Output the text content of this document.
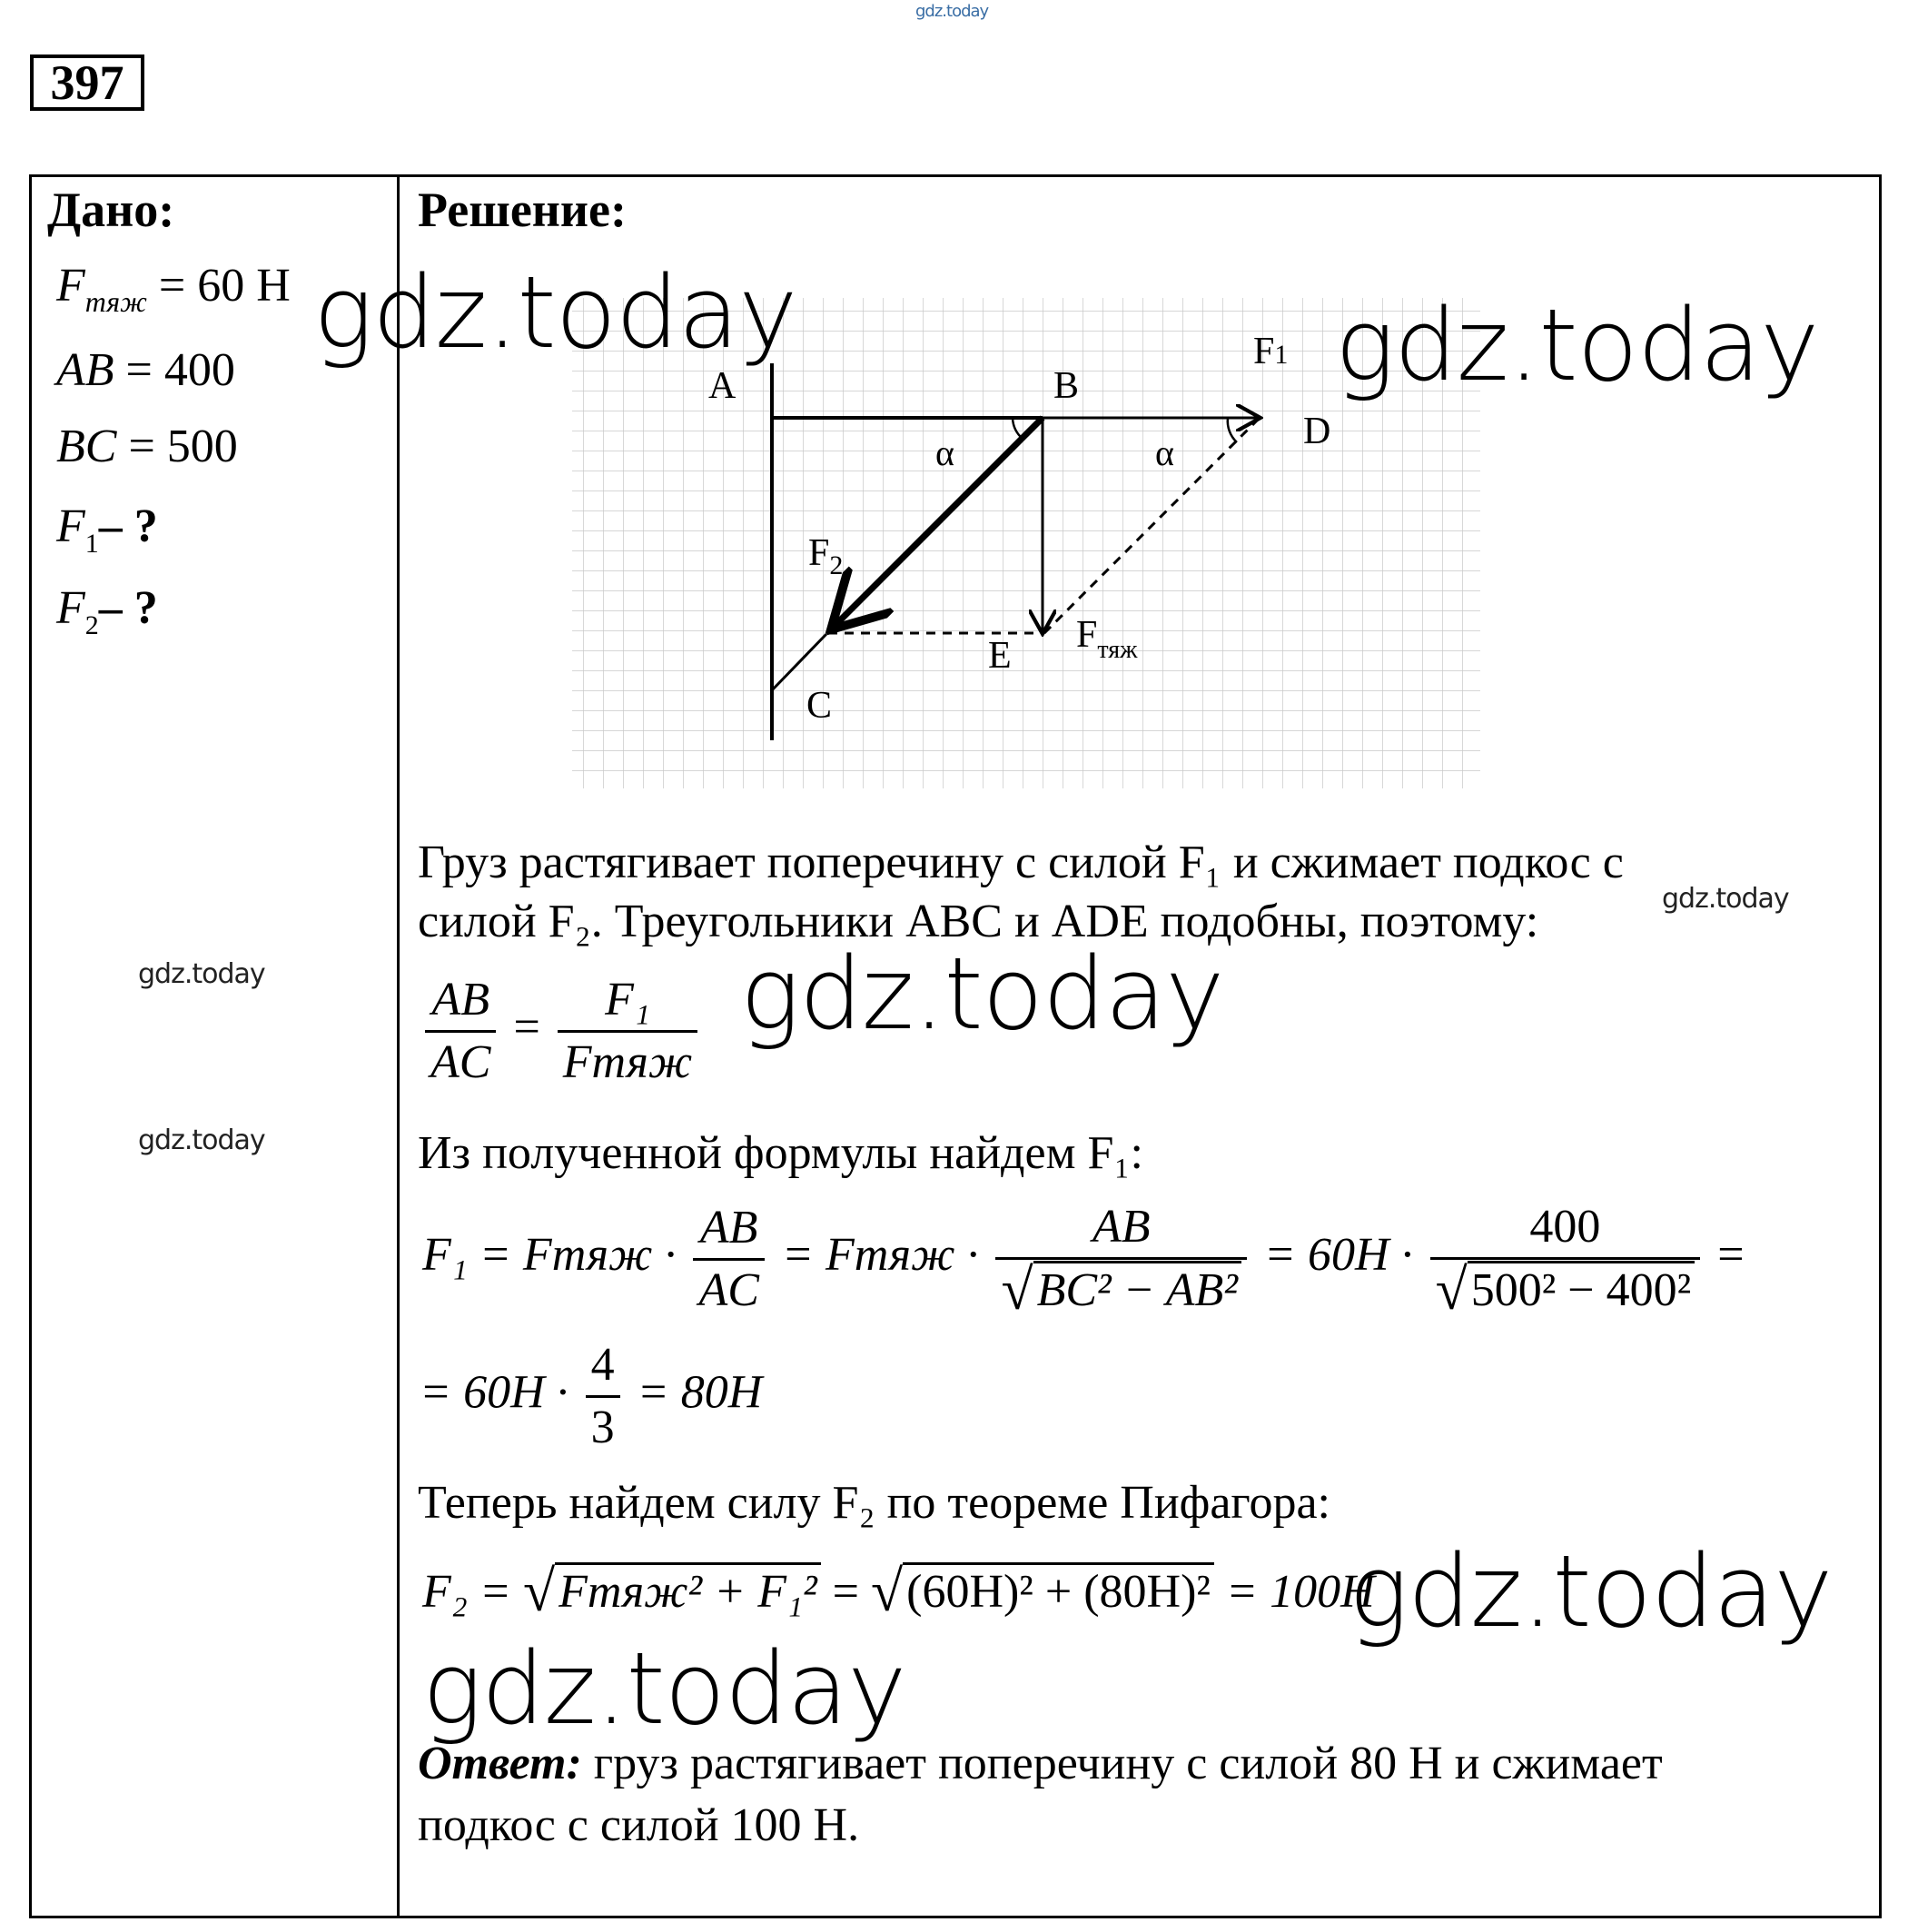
gdz.today
397
Дано:
$F_{тяж} = 60$ Н
AB = 400
BC = 500
$F_1-$ ?
$F_2-$ ?
Решение:
A	B
C
D
E
α	α
F1
$F_2$
$F_{тяж}$
Груз растягивает поперечину с силой F₁ и сжимает подкос с
силой F₂. Треугольники ABC и ADE подобны, поэтому:
$\frac{AB}{AC} = \frac{\text{F₁}}{\text{Fтяж}}$
Из полученной формулы найдем F₁:
F₁ = Fтяж · $\frac{AB}{AC}$ = Fтяж · $\frac{AB}{\text{√BC² − AB²}} = 60H \cdot \frac{400}{\text{√500² − 400²}}$ =
= $60H \cdot \frac{4}{3} = 80H$
Теперь найдем силу F₂ по теореме Пифагора:
F₂ = √Fтяж² + F₁² = √(60H)² + (80H)² = 100H
Ответ: груз растягивает поперечину с силой 80 Н и сжимает
подкос с силой 100 Н.
gdz.today	gdz.today
gdz.today
gdz.today
gdz.today
gdz.today
gdz.today
gdz.today
